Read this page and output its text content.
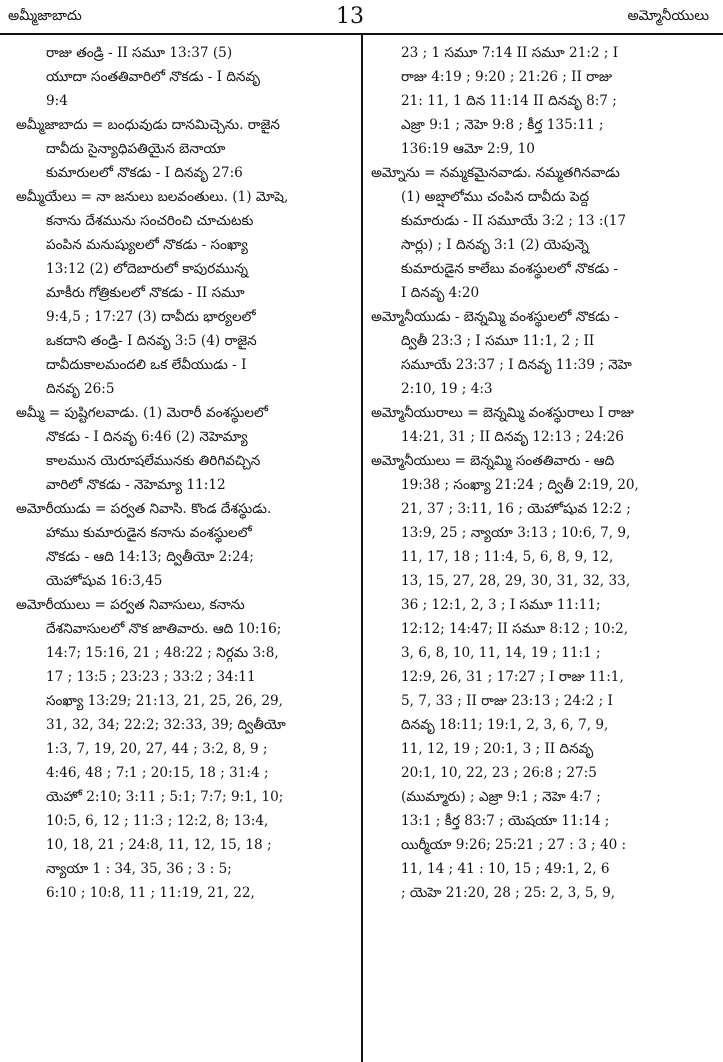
అమ్మీజాబాదు	13	అమ్మోనీయులు
రాజు తండ్రి - II సమూ 13:37 (5)
యూదా సంతతివారిలో నొకడు - I దినవృ
9:4
అమ్మీజాబాదు = బంధువుడు దానమిచ్చెను. రాజైన
దావీదు సైన్యాధిపతియైన బెనాయా
కుమారులలో నొకడు - I దినవృ 27:6
అమ్మీయేలు = నా జనులు బలవంతులు. (1) మోషె,
కనాను దేశమును సంచరించి చూచుటకు
పంపిన మనుష్యులలో నొకడు - సంఖ్యా
13:12 (2) లోదెబారులో కాపురమున్న
మాకీరు గోత్రికులలో నొకడు - II సమూ
9:4,5 ; 17:27 (3) దావీదు భార్యలలో
ఒకదాని తండ్రి- I దినవృ 3:5 (4) రాజైన
దావీదుకాలమందలి ఒక లేవీయుడు - I
దినవృ 26:5
అమ్మీ = పుష్టిగలవాడు. (1) మెరారీ వంశస్థులలో
నొకడు - I దినవృ 6:46 (2) నెహెమ్యా
కాలమున యెరూషలేమునకు తిరిగివచ్చిన
వారిలో నొకడు - నెహెమ్యా 11:12
అమోరీయుడు = పర్వత నివాసి. కొండ దేశస్థుడు.
హాము కుమారుడైన కనాను వంశస్థులలో
నొకడు - ఆది 14:13; ద్వితీయో 2:24;
యెహోషువ 16:3,45
అమోరీయులు = పర్వత నివాసులు, కనాను
దేశనివాసులలో నొక జాతివారు. ఆది 10:16;
14:7; 15:16, 21 ; 48:22 ; నిర్గమ 3:8,
17 ; 13:5 ; 23:23 ; 33:2 ; 34:11
సంఖ్యా 13:29; 21:13, 21, 25, 26, 29,
31, 32, 34; 22:2; 32:33, 39; ద్వితీయో
1:3, 7, 19, 20, 27, 44 ; 3:2, 8, 9 ;
4:46, 48 ; 7:1 ; 20:15, 18 ; 31:4 ;
యెహో 2:10; 3:11 ; 5:1; 7:7; 9:1, 10;
10:5, 6, 12 ; 11:3 ; 12:2, 8; 13:4,
10, 18, 21 ; 24:8, 11, 12, 15, 18 ;
న్యాయా 1 : 34, 35, 36 ; 3 : 5;
6:10 ; 10:8, 11 ; 11:19, 21, 22,
23 ; 1 సమూ 7:14 II సమూ 21:2 ; I
రాజు 4:19 ; 9:20 ; 21:26 ; II రాజు
21: 11, 1 దిన 11:14 II దినవృ 8:7 ;
ఎజ్రా 9:1 ; నెహె 9:8 ; కీర్త 135:11 ;
136:19 ఆమో 2:9, 10
అమ్నోను = నమ్మకమైనవాడు. నమ్మతగినవాడు
(1) అబ్షాలోము చంపిన దావీదు పెద్ద
కుమారుడు - II సమూయే 3:2 ; 13 :(17
సార్లు) ; I దినవృ 3:1 (2) యెపున్నె
కుమారుడైన కాలేబు వంశస్థులలో నొకడు -
I దినవృ 4:20
అమ్మోనీయుడు - బెన్నమ్మి వంశస్థులలో నొకడు -
ద్వితీ 23:3 ; I సమూ 11:1, 2 ; II
సమూయే 23:37 ; I దినవృ 11:39 ; నెహె
2:10, 19 ; 4:3
అమ్మోనీయురాలు = బెన్నమ్మి వంశస్థురాలు I రాజు
14:21, 31 ; II దినవృ 12:13 ; 24:26
అమ్మోనీయులు = బెన్నమ్మి సంతతివారు - ఆది
19:38 ; సంఖ్యా 21:24 ; ద్వితీ 2:19, 20,
21, 37 ; 3:11, 16 ; యెహోషువ 12:2 ;
13:9, 25 ; న్యాయా 3:13 ; 10:6, 7, 9,
11, 17, 18 ; 11:4, 5, 6, 8, 9, 12,
13, 15, 27, 28, 29, 30, 31, 32, 33,
36 ; 12:1, 2, 3 ; I సమూ 11:11;
12:12; 14:47; II సమూ 8:12 ; 10:2,
3, 6, 8, 10, 11, 14, 19 ; 11:1 ;
12:9, 26, 31 ; 17:27 ; I రాజు 11:1,
5, 7, 33 ; II రాజు 23:13 ; 24:2 ; I
దినవృ 18:11; 19:1, 2, 3, 6, 7, 9,
11, 12, 19 ; 20:1, 3 ; II దినవృ
20:1, 10, 22, 23 ; 26:8 ; 27:5
(ముమ్మారు) ; ఎజ్రా 9:1 ; నెహె 4:7 ;
13:1 ; కీర్త 83:7 ; యెషయా 11:14 ;
యిర్మీయా 9:26; 25:21 ; 27 : 3 ; 40 :
11, 14 ; 41 : 10, 15 ; 49:1, 2, 6
; యెహె 21:20, 28 ; 25: 2, 3, 5, 9,
